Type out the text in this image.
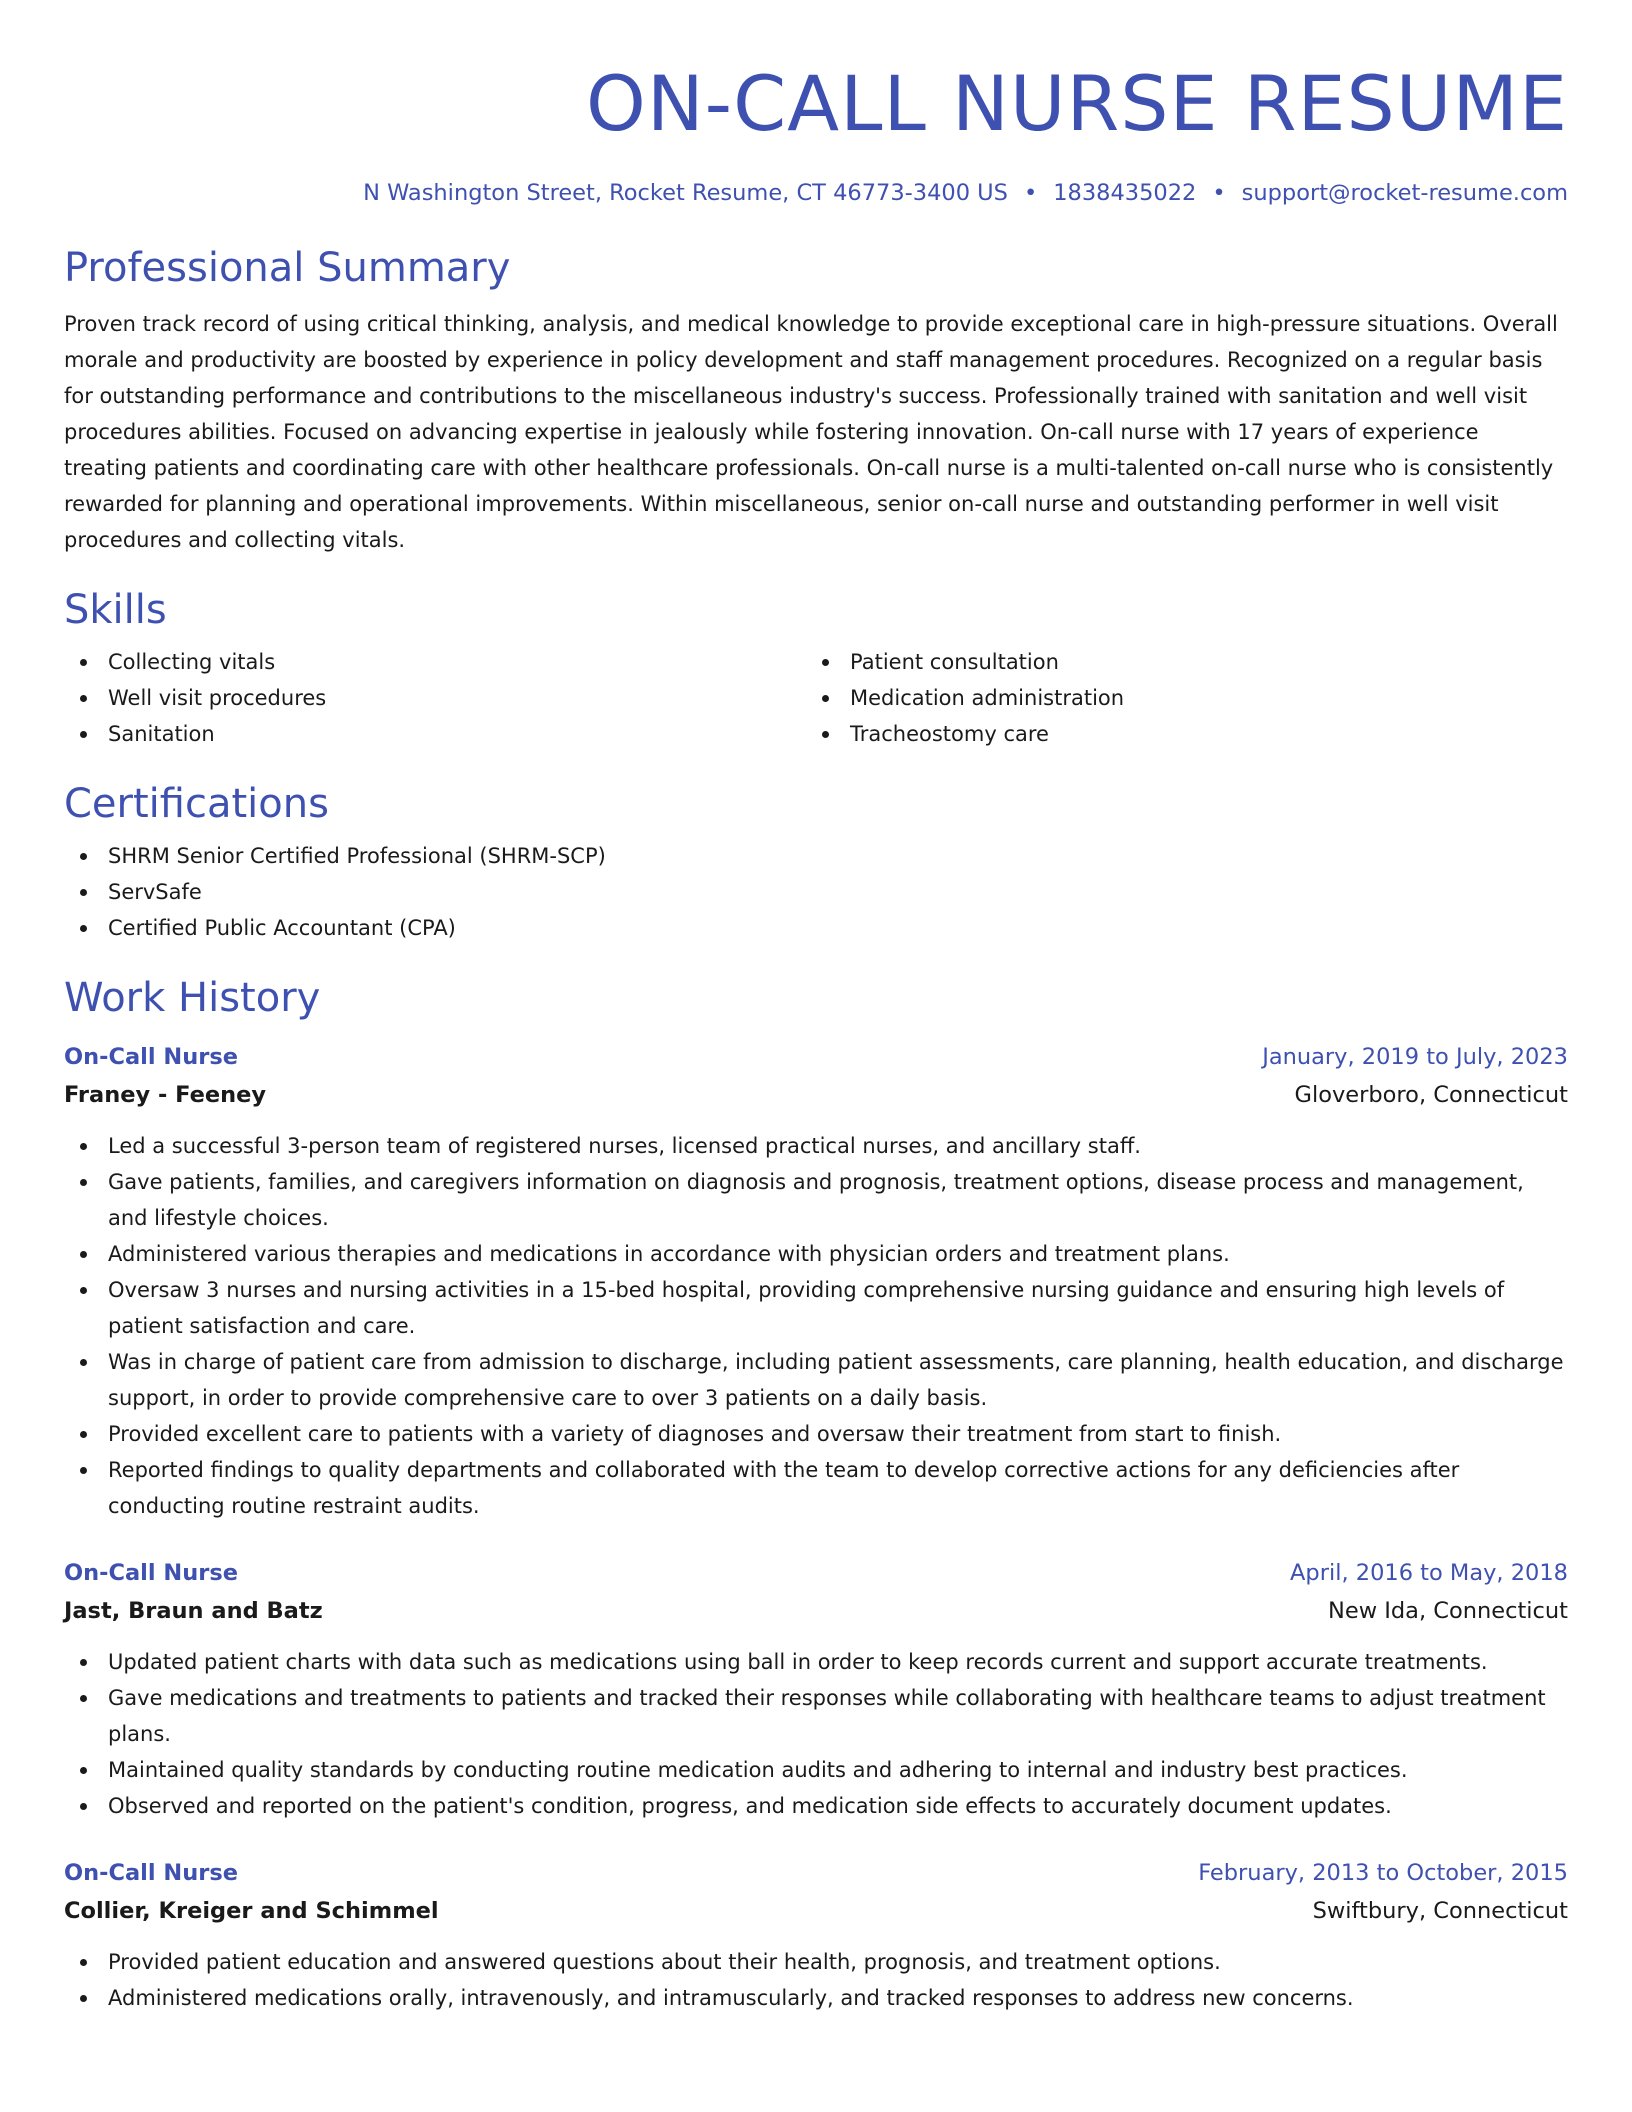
ON-CALL NURSE RESUME
N Washington Street, Rocket Resume, CT 46773-3400 US • 1838435022 • support@rocket-resume.com
Professional Summary

Proven track record of using critical thinking, analysis, and medical knowledge to provide exceptional care in high-pressure situations. Overall morale and productivity are boosted by experience in policy development and staff management procedures. Recognized on a regular basis for outstanding performance and contributions to the miscellaneous industry's success. Professionally trained with sanitation and well visit procedures abilities. Focused on advancing expertise in jealously while fostering innovation. On-call nurse with 17 years of experience treating patients and coordinating care with other healthcare professionals. On-call nurse is a multi-talented on-call nurse who is consistently rewarded for planning and operational improvements. Within miscellaneous, senior on-call nurse and outstanding performer in well visit procedures and collecting vitals.

Skills
Collecting vitals
Well visit procedures
Sanitation
Patient consultation
Medication administration
Tracheostomy care
Certifications
SHRM Senior Certified Professional (SHRM-SCP)
ServSafe
Certified Public Accountant (CPA)
Work History
On-Call Nurse	January, 2019 to July, 2023
Franey - Feeney	Gloverboro, Connecticut
Led a successful 3-person team of registered nurses, licensed practical nurses, and ancillary staff.
Gave patients, families, and caregivers information on diagnosis and prognosis, treatment options, disease process and management, and lifestyle choices.
Administered various therapies and medications in accordance with physician orders and treatment plans.
Oversaw 3 nurses and nursing activities in a 15-bed hospital, providing comprehensive nursing guidance and ensuring high levels of patient satisfaction and care.
Was in charge of patient care from admission to discharge, including patient assessments, care planning, health education, and discharge support, in order to provide comprehensive care to over 3 patients on a daily basis.
Provided excellent care to patients with a variety of diagnoses and oversaw their treatment from start to finish.
Reported findings to quality departments and collaborated with the team to develop corrective actions for any deficiencies after conducting routine restraint audits.
On-Call Nurse	April, 2016 to May, 2018
Jast, Braun and Batz	New Ida, Connecticut
Updated patient charts with data such as medications using ball in order to keep records current and support accurate treatments.
Gave medications and treatments to patients and tracked their responses while collaborating with healthcare teams to adjust treatment plans.
Maintained quality standards by conducting routine medication audits and adhering to internal and industry best practices.
Observed and reported on the patient's condition, progress, and medication side effects to accurately document updates.
On-Call Nurse	February, 2013 to October, 2015
Collier, Kreiger and Schimmel	Swiftbury, Connecticut
Provided patient education and answered questions about their health, prognosis, and treatment options.
Administered medications orally, intravenously, and intramuscularly, and tracked responses to address new concerns.
